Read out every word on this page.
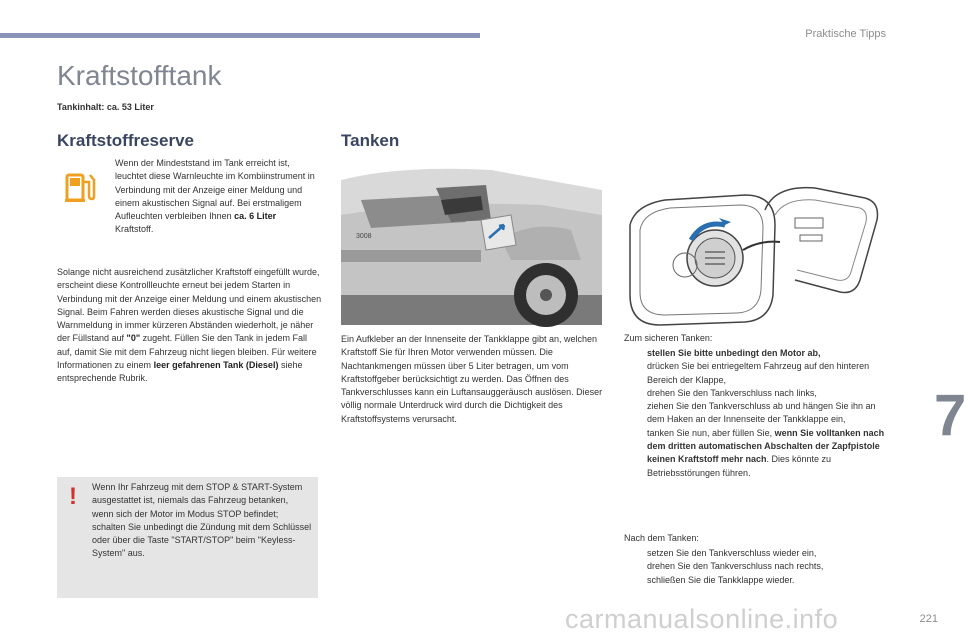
Praktische Tipps
Kraftstofftank
Tankinhalt: ca. 53 Liter
Kraftstoffreserve

Wenn der Mindeststand im Tank erreicht ist, leuchtet diese Warnleuchte im Kombiinstrument in Verbindung mit der Anzeige einer Meldung und einem akustischen Signal auf. Bei erstmaligem Aufleuchten verbleiben Ihnen ca. 6 Liter Kraftstoff.

Solange nicht ausreichend zusätzlicher Kraftstoff eingefüllt wurde, erscheint diese Kontrollleuchte erneut bei jedem Starten in Verbindung mit der Anzeige einer Meldung und einem akustischen Signal. Beim Fahren werden dieses akustische Signal und die Warnmeldung in immer kürzeren Abständen wiederholt, je näher der Füllstand auf "0" zugeht. Füllen Sie den Tank in jedem Fall auf, damit Sie mit dem Fahrzeug nicht liegen bleiben. Für weitere Informationen zu einem leer gefahrenen Tank (Diesel) siehe entsprechende Rubrik.

! Wenn Ihr Fahrzeug mit dem STOP & START-System ausgestattet ist, niemals das Fahrzeug betanken, wenn sich der Motor im Modus STOP befindet; schalten Sie unbedingt die Zündung mit dem Schlüssel oder über die Taste "START/STOP" beim "Keyless-System" aus.

Tanken
3008

Ein Aufkleber an der Innenseite der Tankklappe gibt an, welchen Kraftstoff Sie für Ihren Motor verwenden müssen. Die Nachtankmengen müssen über 5 Liter betragen, um vom Kraftstoffgeber berücksichtigt zu werden. Das Öffnen des Tankverschlusses kann ein Luftansauggeräusch auslösen. Dieser völlig normale Unterdruck wird durch die Dichtigkeit des Kraftstoffsystems verursacht.

Zum sicheren Tanken:

stellen Sie bitte unbedingt den Motor ab,
drücken Sie bei entriegeltem Fahrzeug auf den hinteren Bereich der Klappe,
drehen Sie den Tankverschluss nach links,
ziehen Sie den Tankverschluss ab und hängen Sie ihn an dem Haken an der Innenseite der Tankklappe ein,
tanken Sie nun, aber füllen Sie, wenn Sie volltanken nach dem dritten automatischen Abschalten der Zapfpistole keinen Kraftstoff mehr nach. Dies könnte zu Betriebsstörungen führen.

Nach dem Tanken:

setzen Sie den Tankverschluss wieder ein,
drehen Sie den Tankverschluss nach rechts,
schließen Sie die Tankklappe wieder.
7
carmanualsonline.info	221
